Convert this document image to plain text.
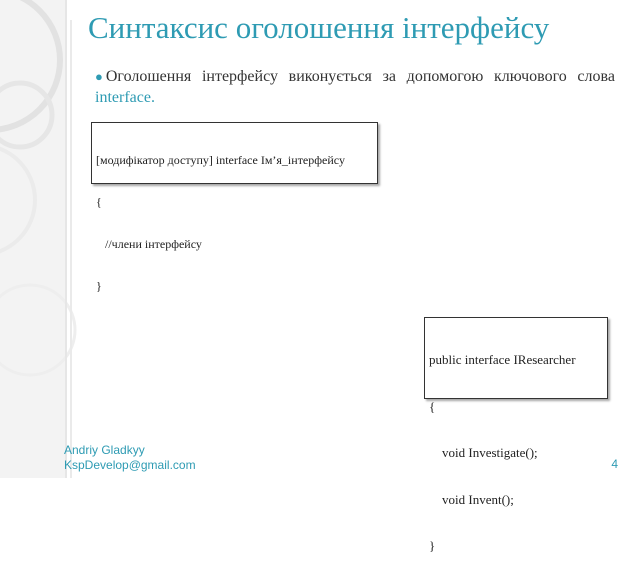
Синтаксис оголошення інтерфейсу
● Оголошення інтерфейсу виконується за допомогою ключового слова
interface.

[модифікатор доступу] interface Ім’я_інтерфейсу

{

//члени інтерфейсу

}

public interface IResearcher

{

void Investigate();

void Invent();

}

Andriy Gladkyy
KspDevelop@gmail.com	4
